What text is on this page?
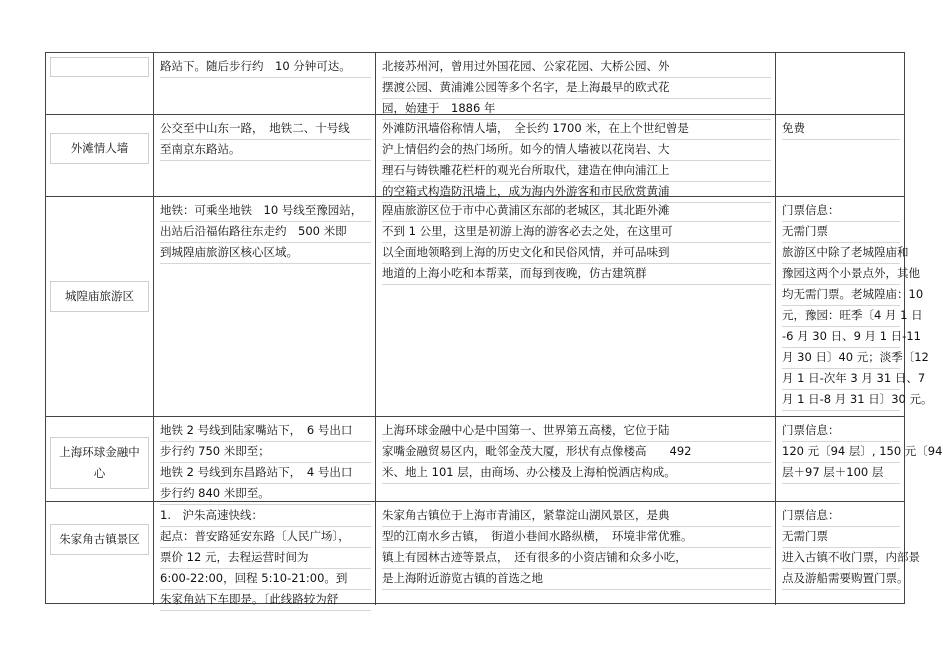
路站下。随后步行约　10 分钟可达。	北接苏州河，曾用过外国花园、公家花园、大桥公园、外
摆渡公园、黄浦滩公园等多个名字，是上海最早的欧式花
园，始建于　1886 年
外滩情人墙
公交至中山东一路，　地铁二、十号线
至南京东路站。
外滩防汛墙俗称情人墙，　全长约 1700 米，在上个世纪曾是
沪上情侣约会的热门场所。如今的情人墙被以花岗岩、大
理石与铸铁雕花栏杆的观光台所取代，建造在伸向浦江上
的空箱式构造防汛墙上，成为海内外游客和市民欣赏黄浦
免费
城隍庙旅游区
地铁：可乘坐地铁　10 号线至豫园站，
出站后沿福佑路往东走约　500 米即
到城隍庙旅游区核心区域。
隍庙旅游区位于市中心黄浦区东部的老城区，其北距外滩
不到 1 公里，这里是初游上海的游客必去之处，在这里可
以全面地领略到上海的历史文化和民俗风情，并可品味到
地道的上海小吃和本帮菜，而每到夜晚，仿古建筑群
门票信息：
无需门票
旅游区中除了老城隍庙和
豫园这两个小景点外，其他
均无需门票。老城隍庙：10
元，豫园：旺季〔4 月 1 日
-6 月 30 日、9 月 1 日-11
月 30 日〕40 元；淡季〔12
月 1 日-次年 3 月 31 日、7
月 1 日-8 月 31 日〕30 元。
上海环球金融中
心
地铁 2 号线到陆家嘴站下，　6 号出口
步行约 750 米即至；
地铁 2 号线到东昌路站下，　4 号出口
步行约 840 米即至。
上海环球金融中心是中国第一、世界第五高楼，它位于陆
家嘴金融贸易区内，毗邻金茂大厦，形状有点像楼高　　492
米、地上 101 层，由商场、办公楼及上海柏悦酒店构成。
门票信息：
120 元〔94 层〕, 150 元〔94
层＋97 层＋100 层
朱家角古镇景区
1.　沪朱高速快线：
起点：普安路延安东路〔人民广场〕，
票价 12 元，去程运营时间为
6:00-22:00，回程 5:10-21:00。到
朱家角站下车即是。〔此线路较为舒
朱家角古镇位于上海市青浦区，紧靠淀山湖风景区，是典
型的江南水乡古镇，　街道小巷间水路纵横，　环境非常优雅。
镇上有园林古迹等景点，　还有很多的小资店铺和众多小吃，
是上海附近游览古镇的首选之地
门票信息：
无需门票
进入古镇不收门票，内部景
点及游船需要购置门票。
